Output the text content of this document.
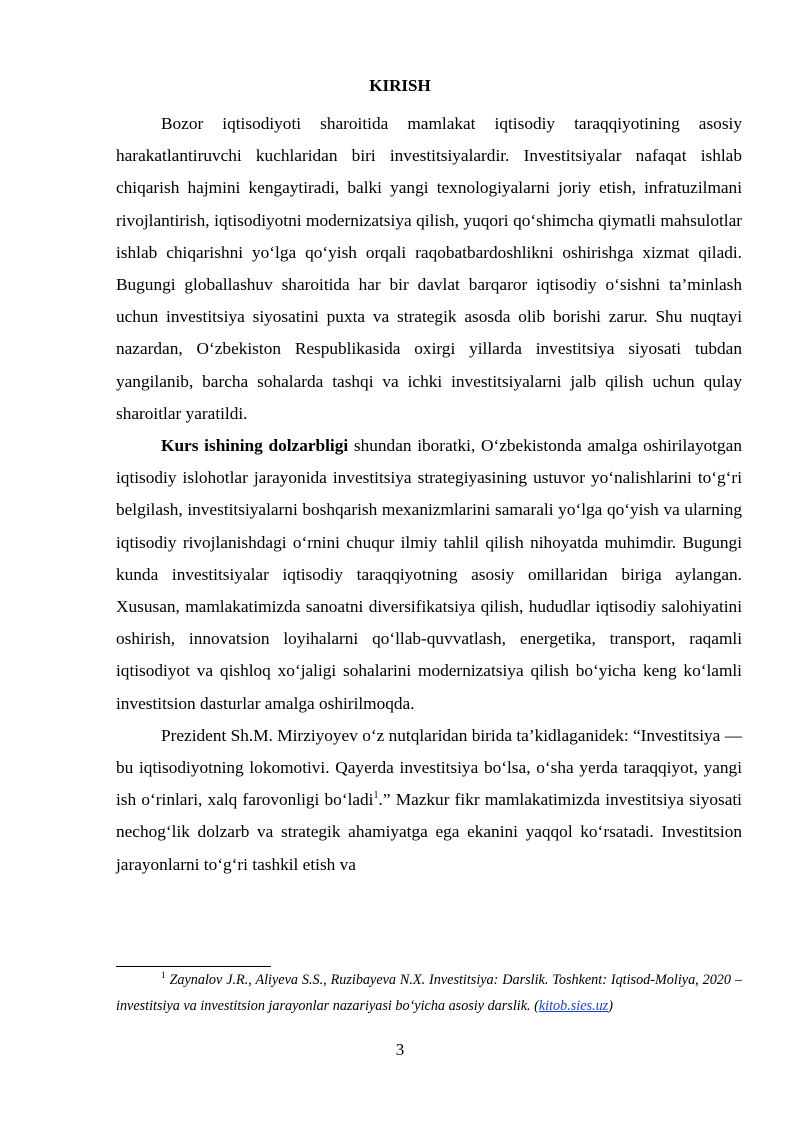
KIRISH

Bozor iqtisodiyoti sharoitida mamlakat iqtisodiy taraqqiyotining asosiy harakatlantiruvchi kuchlaridan biri investitsiyalardir. Investitsiyalar nafaqat ishlab chiqarish hajmini kengaytiradi, balki yangi texnologiyalarni joriy etish, infratuzilmani rivojlantirish, iqtisodiyotni modernizatsiya qilish, yuqori qo‘shimcha qiymatli mahsulotlar ishlab chiqarishni yo‘lga qo‘yish orqali raqobatbardoshlikni oshirishga xizmat qiladi. Bugungi globallashuv sharoitida har bir davlat barqaror iqtisodiy o‘sishni ta’minlash uchun investitsiya siyosatini puxta va strategik asosda olib borishi zarur. Shu nuqtayi nazardan, O‘zbekiston Respublikasida oxirgi yillarda investitsiya siyosati tubdan yangilanib, barcha sohalarda tashqi va ichki investitsiyalarni jalb qilish uchun qulay sharoitlar yaratildi.

Kurs ishining dolzarbligi shundan iboratki, O‘zbekistonda amalga oshirilayotgan iqtisodiy islohotlar jarayonida investitsiya strategiyasining ustuvor yo‘nalishlarini to‘g‘ri belgilash, investitsiyalarni boshqarish mexanizmlarini samarali yo‘lga qo‘yish va ularning iqtisodiy rivojlanishdagi o‘rnini chuqur ilmiy tahlil qilish nihoyatda muhimdir. Bugungi kunda investitsiyalar iqtisodiy taraqqiyotning asosiy omillaridan biriga aylangan. Xususan, mamlakatimizda sanoatni diversifikatsiya qilish, hududlar iqtisodiy salohiyatini oshirish, innovatsion loyihalarni qo‘llab-quvvatlash, energetika, transport, raqamli iqtisodiyot va qishloq xo‘jaligi sohalarini modernizatsiya qilish bo‘yicha keng ko‘lamli investitsion dasturlar amalga oshirilmoqda.

Prezident Sh.M. Mirziyoyev o‘z nutqlaridan birida ta’kidlaganidek: “Investitsiya — bu iqtisodiyotning lokomotivi. Qayerda investitsiya bo‘lsa, o‘sha yerda taraqqiyot, yangi ish o‘rinlari, xalq farovonligi bo‘ladi$^1$.” Mazkur fikr mamlakatimizda investitsiya siyosati nechog‘lik dolzarb va strategik ahamiyatga ega ekanini yaqqol ko‘rsatadi. Investitsion jarayonlarni to‘g‘ri tashkil etish va

$^1$ Zaynalov J.R., Aliyeva S.S., Ruzibayeva N.X. Investitsiya: Darslik. Toshkent: Iqtisod-Moliya, 2020 – investitsiya va investitsion jarayonlar nazariyasi bo‘yicha asosiy darslik. (kitob.sies.uz)

3
